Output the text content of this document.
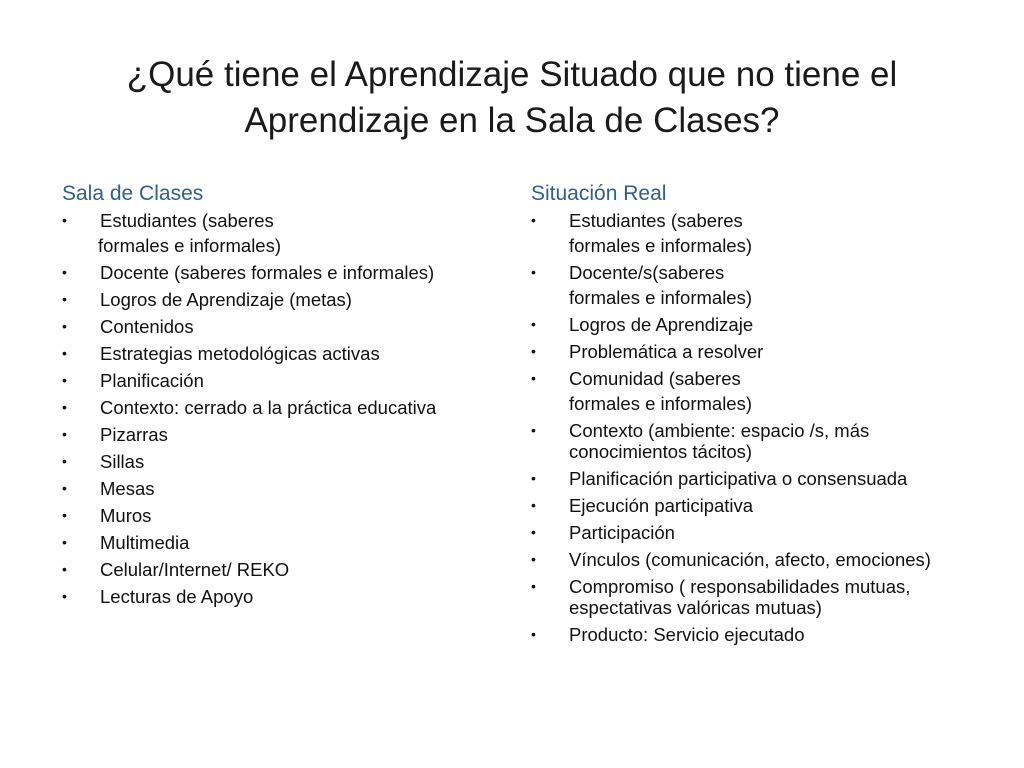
¿Qué tiene el Aprendizaje Situado que no tiene el
Aprendizaje en la Sala de Clases?
Sala de Clases
•	Estudiantes (saberes
formales e informales)
•	Docente (saberes formales e informales)
•	Logros de Aprendizaje (metas)
•	Contenidos
•	Estrategias metodológicas activas
•	Planificación
•	Contexto: cerrado a la práctica educativa
•	Pizarras
•	Sillas
•	Mesas
•	Muros
•	Multimedia
•	Celular/Internet/ REKO
•	Lecturas de Apoyo
Situación Real
•	Estudiantes (saberes
formales e informales)
•	Docente/s(saberes
formales e informales)
•	Logros de Aprendizaje
•	Problemática a resolver
•	Comunidad (saberes
formales e informales)
•	Contexto (ambiente: espacio /s, más conocimientos tácitos)
•	Planificación participativa o consensuada
•	Ejecución participativa
•	Participación
•	Vínculos (comunicación, afecto, emociones)
•	Compromiso ( responsabilidades mutuas, espectativas valóricas mutuas)
•	Producto: Servicio ejecutado
